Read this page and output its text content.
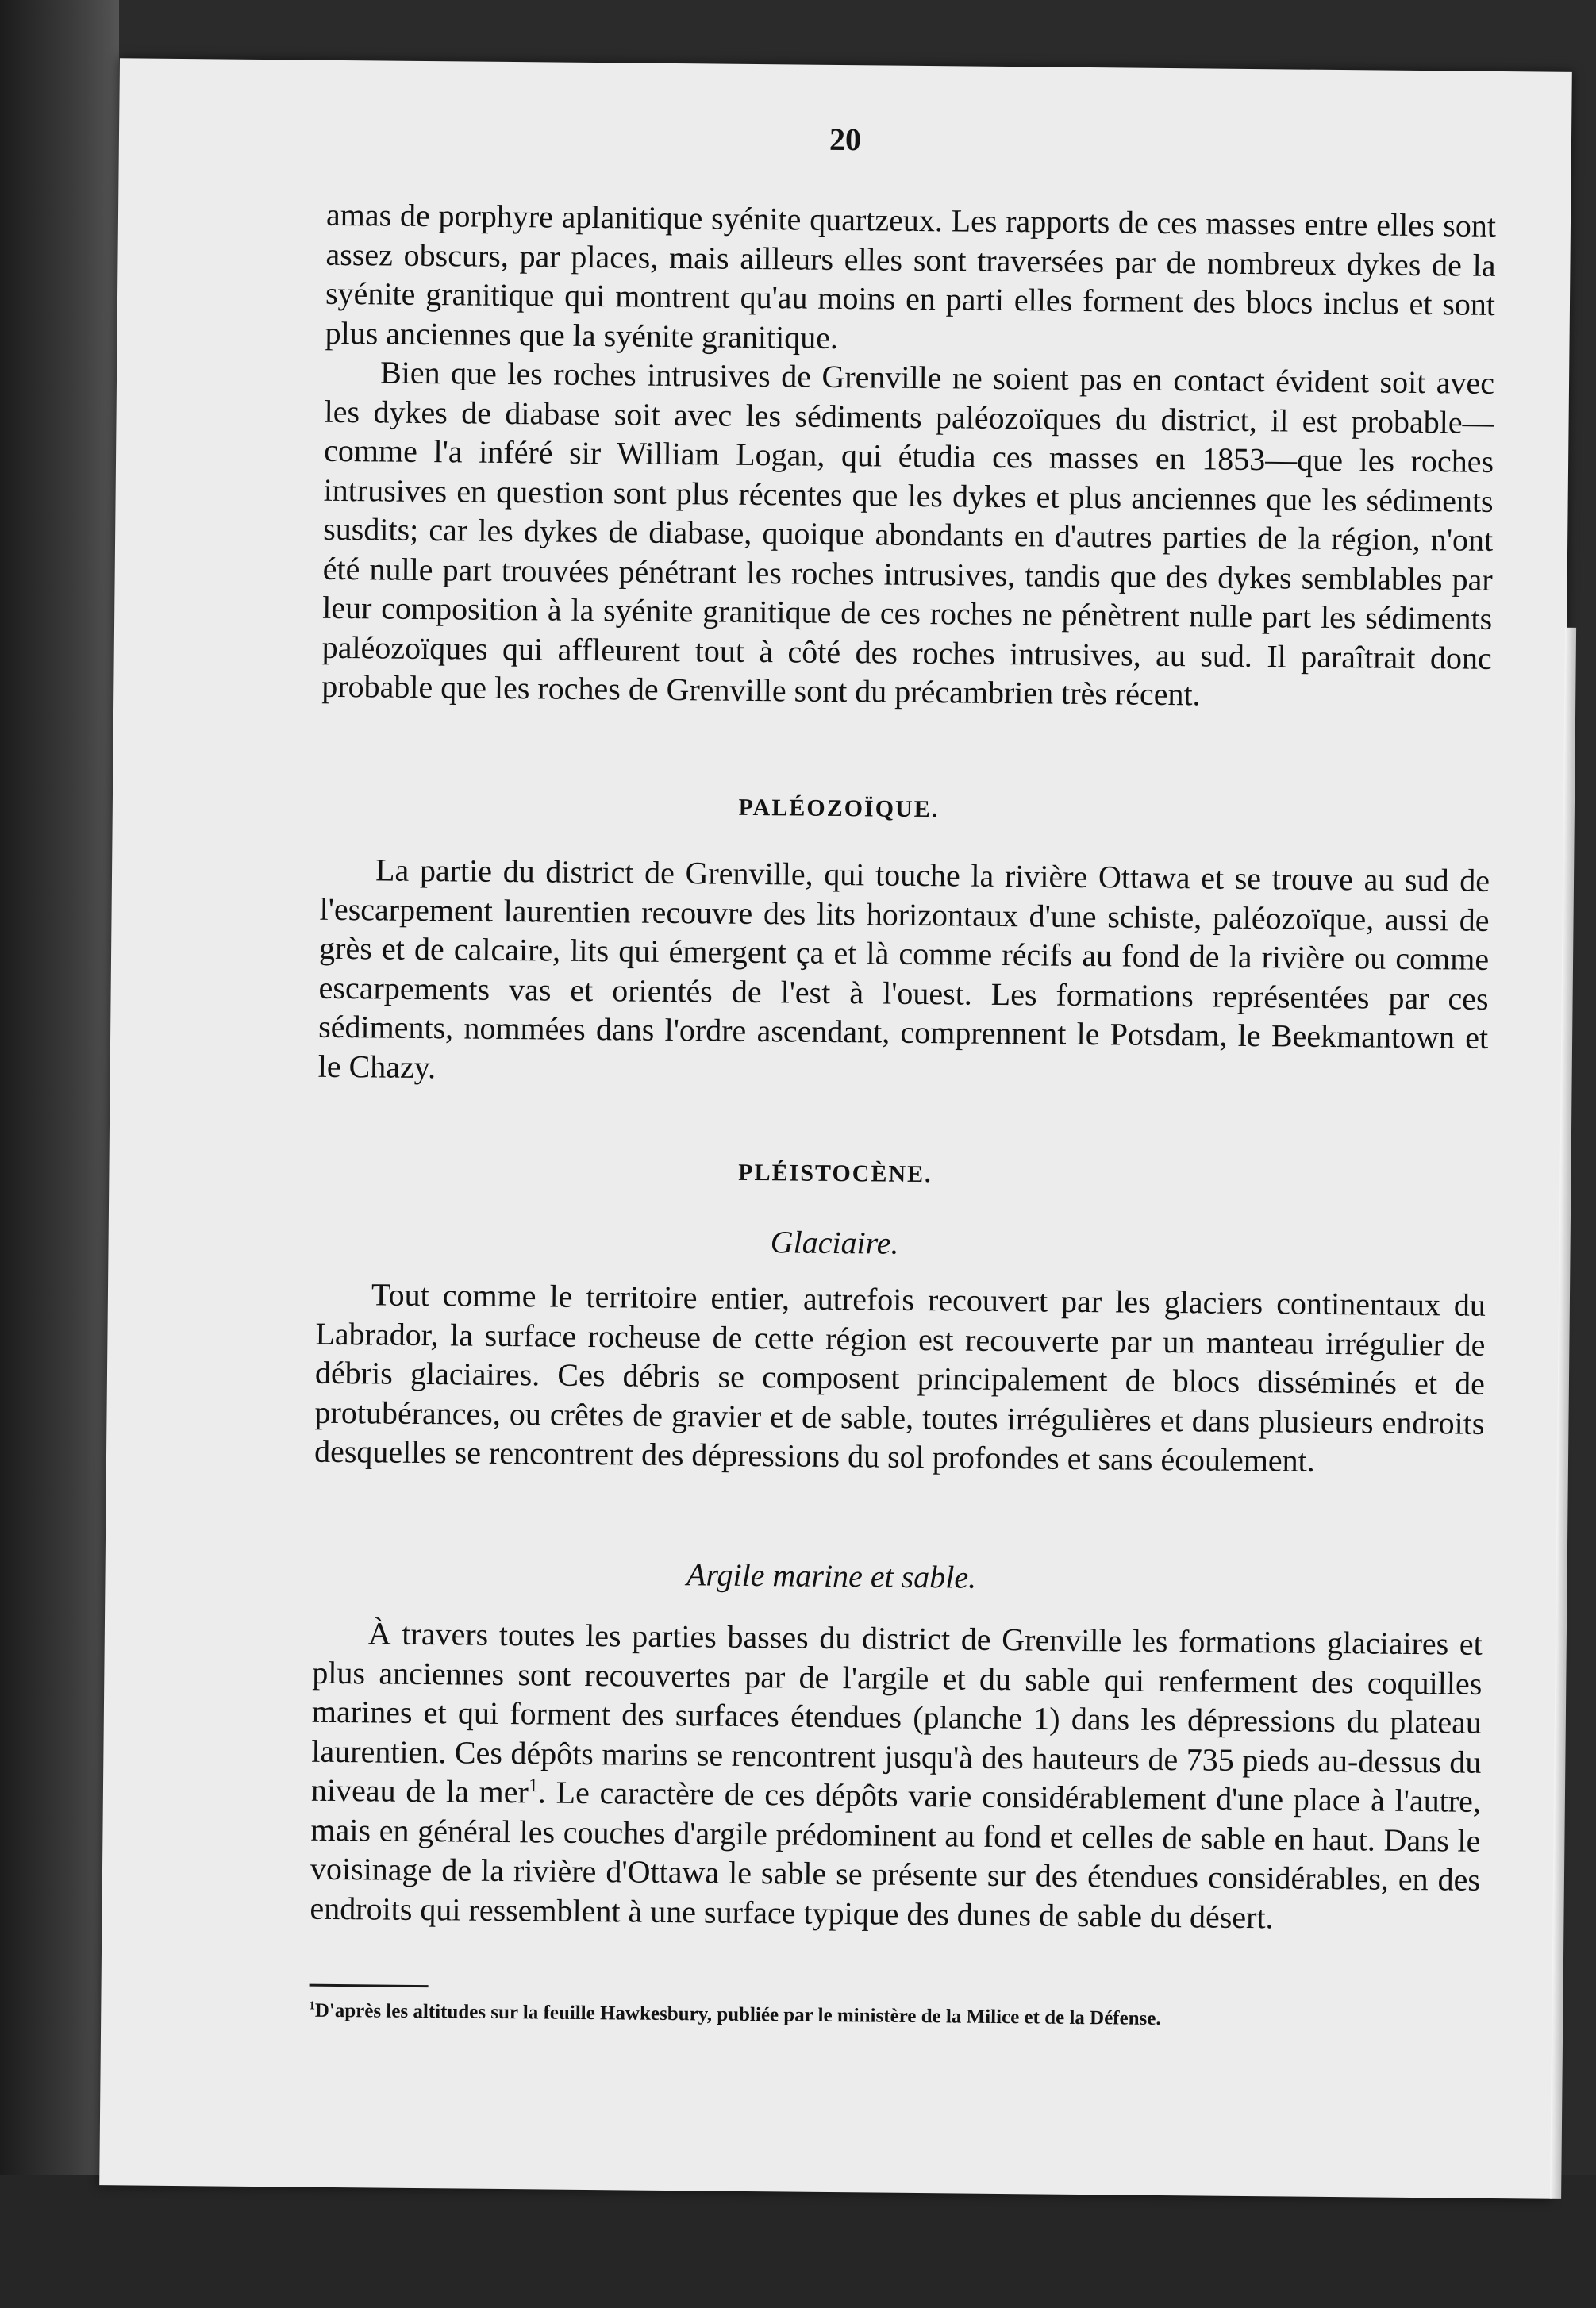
20

amas de porphyre aplanitique syénite quartzeux. Les rapports de ces masses entre elles sont assez obscurs, par places, mais ailleurs elles sont traversées par de nombreux dykes de la syénite granitique qui montrent qu'au moins en parti elles forment des blocs inclus et sont plus anciennes que la syénite granitique.

Bien que les roches intrusives de Grenville ne soient pas en contact évident soit avec les dykes de diabase soit avec les sédiments paléozoïques du district, il est probable—comme l'a inféré sir William Logan, qui étudia ces masses en 1853—que les roches intrusives en question sont plus récentes que les dykes et plus anciennes que les sédiments susdits; car les dykes de diabase, quoique abondants en d'autres parties de la région, n'ont été nulle part trouvées pénétrant les roches intrusives, tandis que des dykes semblables par leur composition à la syénite granitique de ces roches ne pénètrent nulle part les sédiments paléozoïques qui affleurent tout à côté des roches intrusives, au sud. Il paraîtrait donc probable que les roches de Grenville sont du précambrien très récent.

PALÉOZOÏQUE.

La partie du district de Grenville, qui touche la rivière Ottawa et se trouve au sud de l'escarpement laurentien recouvre des lits horizontaux d'une schiste, paléozoïque, aussi de grès et de calcaire, lits qui émergent ça et là comme récifs au fond de la rivière ou comme escarpements vas et orientés de l'est à l'ouest. Les formations représentées par ces sédiments, nommées dans l'ordre ascendant, comprennent le Potsdam, le Beekmantown et le Chazy.

PLÉISTOCÈNE.
Glaciaire.

Tout comme le territoire entier, autrefois recouvert par les glaciers continentaux du Labrador, la surface rocheuse de cette région est recouverte par un manteau irrégulier de débris glaciaires. Ces débris se composent principalement de blocs disséminés et de protubérances, ou crêtes de gravier et de sable, toutes irrégulières et dans plusieurs endroits desquelles se rencontrent des dépressions du sol profondes et sans écoulement.

Argile marine et sable.

À travers toutes les parties basses du district de Grenville les formations glaciaires et plus anciennes sont recouvertes par de l'argile et du sable qui renferment des coquilles marines et qui forment des surfaces étendues (planche 1) dans les dépressions du plateau laurentien. Ces dépôts marins se rencontrent jusqu'à des hauteurs de 735 pieds au-dessus du niveau de la mer$^1$. Le caractère de ces dépôts varie considérablement d'une place à l'autre, mais en général les couches d'argile prédominent au fond et celles de sable en haut. Dans le voisinage de la rivière d'Ottawa le sable se présente sur des étendues considérables, en des endroits qui ressemblent à une surface typique des dunes de sable du désert.

$^1$D'après les altitudes sur la feuille Hawkesbury, publiée par le ministère de la Milice et de la Défense.
